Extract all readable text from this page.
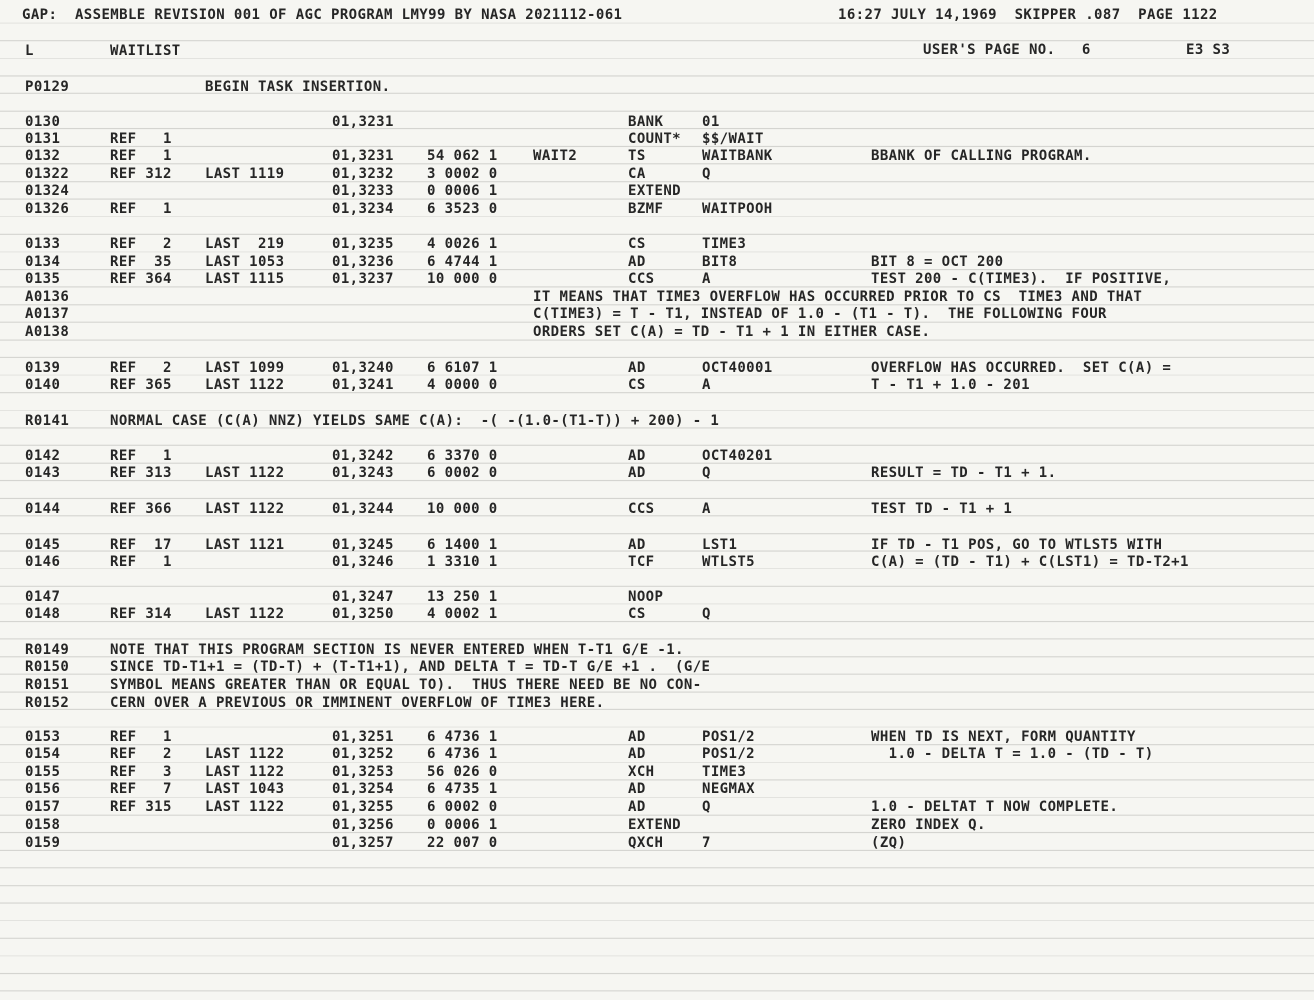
GAP:  ASSEMBLE REVISION 001 OF AGC PROGRAM LMY99 BY NASA 2021112-061	16:27 JULY 14,1969  SKIPPER .087  PAGE 1122
L	WAITLIST	USER'S PAGE NO.   6	E3 S3
P0129	BEGIN TASK INSERTION.
0130	01,3231	BANK	01
0131	REF   1	COUNT* $$/WAIT
0132	REF   1	01,3231 54 062 1	WAIT2	TS	WAITBANK	BBANK OF CALLING PROGRAM.
01322	REF 312 LAST 1119	01,3232 3 0002 0	CA	Q
01324	01,3233 0 0006 1	EXTEND
01326	REF   1	01,3234 6 3523 0	BZMF	WAITPOOH
0133	REF   2 LAST  219	01,3235 4 0026 1	CS	TIME3
0134	REF  35 LAST 1053	01,3236 6 4744 1	AD	BIT8	BIT 8 = OCT 200
0135	REF 364 LAST 1115	01,3237 10 000 0	CCS	A	TEST 200 - C(TIME3).  IF POSITIVE,
A0136	IT MEANS THAT TIME3 OVERFLOW HAS OCCURRED PRIOR TO CS  TIME3 AND THAT
A0137	C(TIME3) = T - T1, INSTEAD OF 1.0 - (T1 - T).  THE FOLLOWING FOUR
A0138	ORDERS SET C(A) = TD - T1 + 1 IN EITHER CASE.
0139	REF   2 LAST 1099	01,3240 6 6107 1	AD	OCT40001	OVERFLOW HAS OCCURRED.  SET C(A) =
0140	REF 365 LAST 1122	01,3241 4 0000 0	CS	A	T - T1 + 1.0 - 201
R0141	NORMAL CASE (C(A) NNZ) YIELDS SAME C(A):  -( -(1.0-(T1-T)) + 200) - 1
0142	REF   1	01,3242 6 3370 0	AD	OCT40201
0143	REF 313 LAST 1122	01,3243 6 0002 0	AD	Q	RESULT = TD - T1 + 1.
0144	REF 366 LAST 1122	01,3244 10 000 0	CCS	A	TEST TD - T1 + 1
0145	REF  17 LAST 1121	01,3245 6 1400 1	AD	LST1	IF TD - T1 POS, GO TO WTLST5 WITH
0146	REF   1	01,3246 1 3310 1	TCF	WTLST5	C(A) = (TD - T1) + C(LST1) = TD-T2+1
0147	01,3247 13 250 1	NOOP
0148	REF 314 LAST 1122	01,3250 4 0002 1	CS	Q
R0149	NOTE THAT THIS PROGRAM SECTION IS NEVER ENTERED WHEN T-T1 G/E -1.
R0150	SINCE TD-T1+1 = (TD-T) + (T-T1+1), AND DELTA T = TD-T G/E +1 .  (G/E
R0151	SYMBOL MEANS GREATER THAN OR EQUAL TO).  THUS THERE NEED BE NO CON-
R0152	CERN OVER A PREVIOUS OR IMMINENT OVERFLOW OF TIME3 HERE.
0153	REF   1	01,3251 6 4736 1	AD	POS1/2	WHEN TD IS NEXT, FORM QUANTITY
0154	REF   2 LAST 1122	01,3252 6 4736 1	AD	POS1/2	1.0 - DELTA T = 1.0 - (TD - T)
0155	REF   3 LAST 1122	01,3253 56 026 0	XCH	TIME3
0156	REF   7 LAST 1043	01,3254 6 4735 1	AD	NEGMAX
0157	REF 315 LAST 1122	01,3255 6 0002 0	AD	Q	1.0 - DELTAT T NOW COMPLETE.
0158	01,3256 0 0006 1	EXTEND	ZERO INDEX Q.
0159	01,3257 22 007 0	QXCH	7	(ZQ)
